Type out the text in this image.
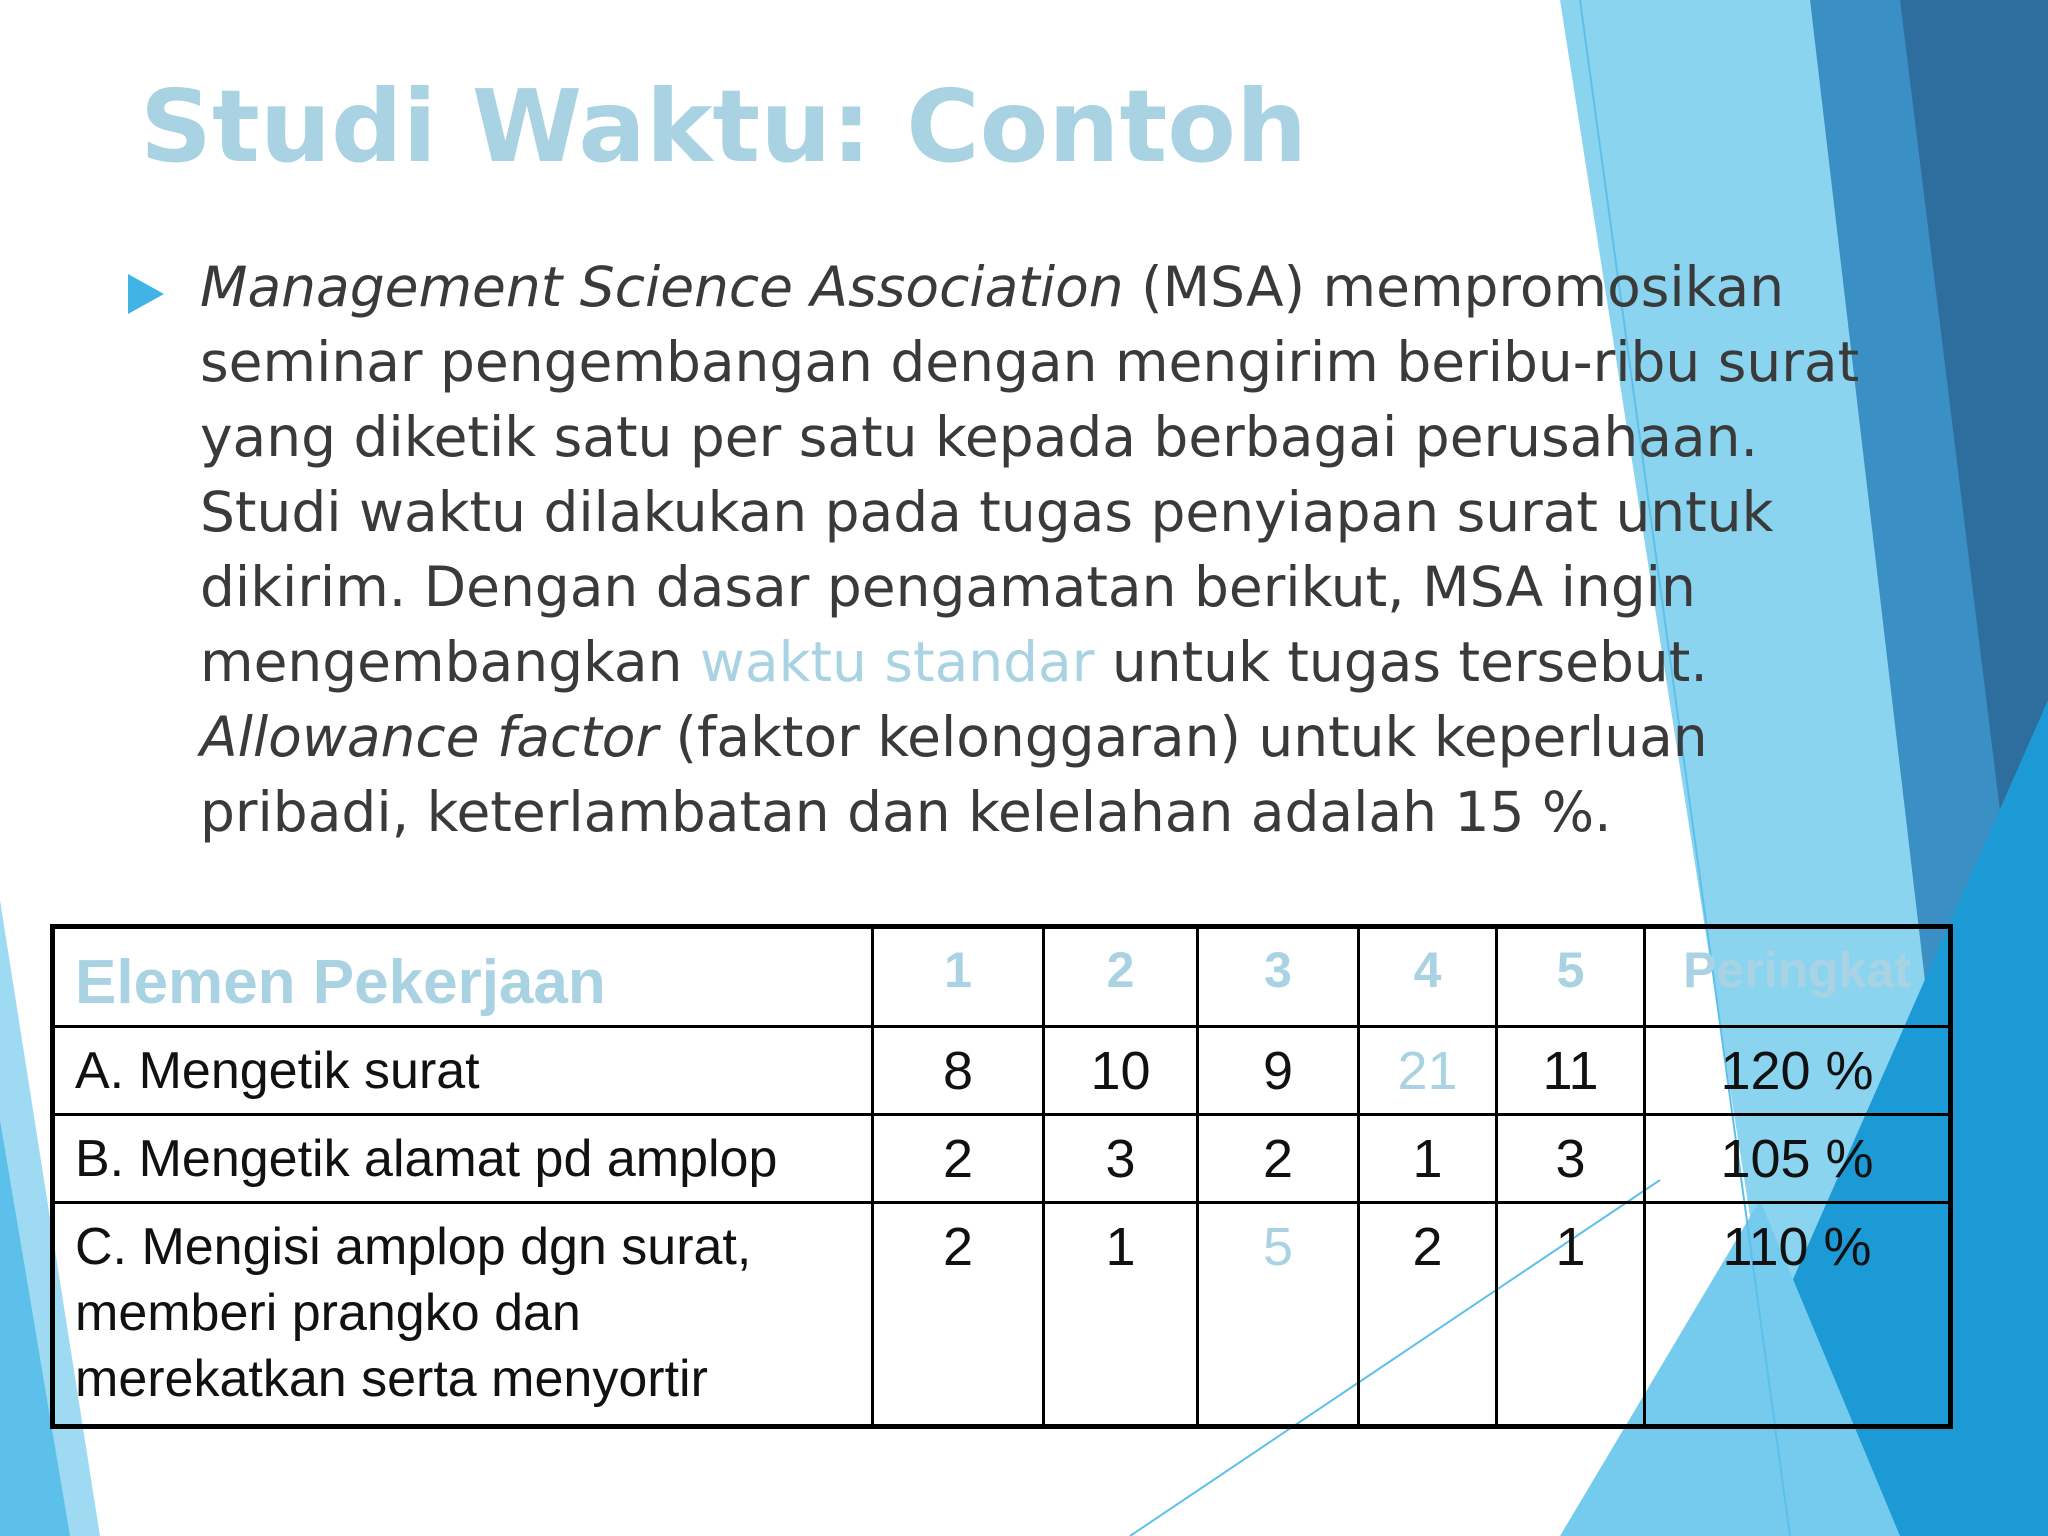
Studi Waktu: Contoh

Management Science Association (MSA) mempromosikan
seminar pengembangan dengan mengirim beribu-ribu surat
yang diketik satu per satu kepada berbagai perusahaan.
Studi waktu dilakukan pada tugas penyiapan surat untuk
dikirim. Dengan dasar pengamatan berikut, MSA ingin
mengembangkan waktu standar untuk tugas tersebut.
Allowance factor (faktor kelonggaran) untuk keperluan
pribadi, keterlambatan dan kelelahan adalah 15 %.

Elemen Pekerjaan	1	2	3	4	5	Peringkat
A. Mengetik surat	8	10	9	21	11	120 %
B. Mengetik alamat pd amplop	2	3	2	1	3	105 %

C. Mengisi amplop dgn surat,
memberi prangko dan
merekatkan serta menyortir	2	1	5	2	1	110 %
